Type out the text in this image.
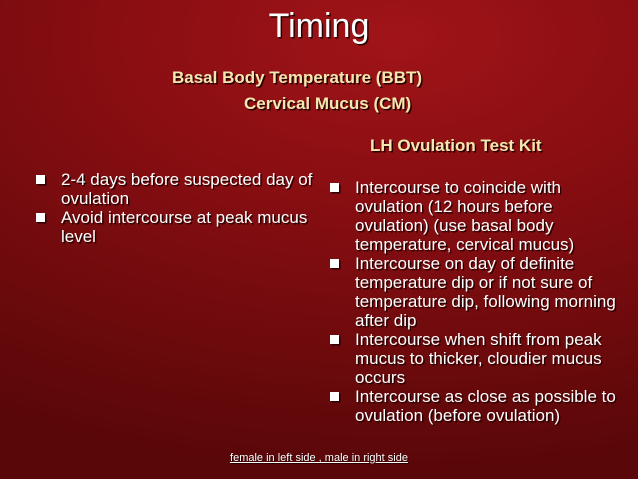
Timing
Basal Body Temperature (BBT)
Cervical Mucus (CM)
LH Ovulation Test Kit
2-4 days before suspected day of ovulation
Avoid intercourse at peak mucus level
Intercourse to coincide with ovulation (12 hours before ovulation) (use basal body temperature, cervical mucus)
Intercourse on day of definite temperature dip or if not sure of temperature dip, following morning after dip
Intercourse when shift from peak mucus to thicker, cloudier mucus occurs
Intercourse as close as possible to ovulation (before ovulation)
female in left side , male in right side
